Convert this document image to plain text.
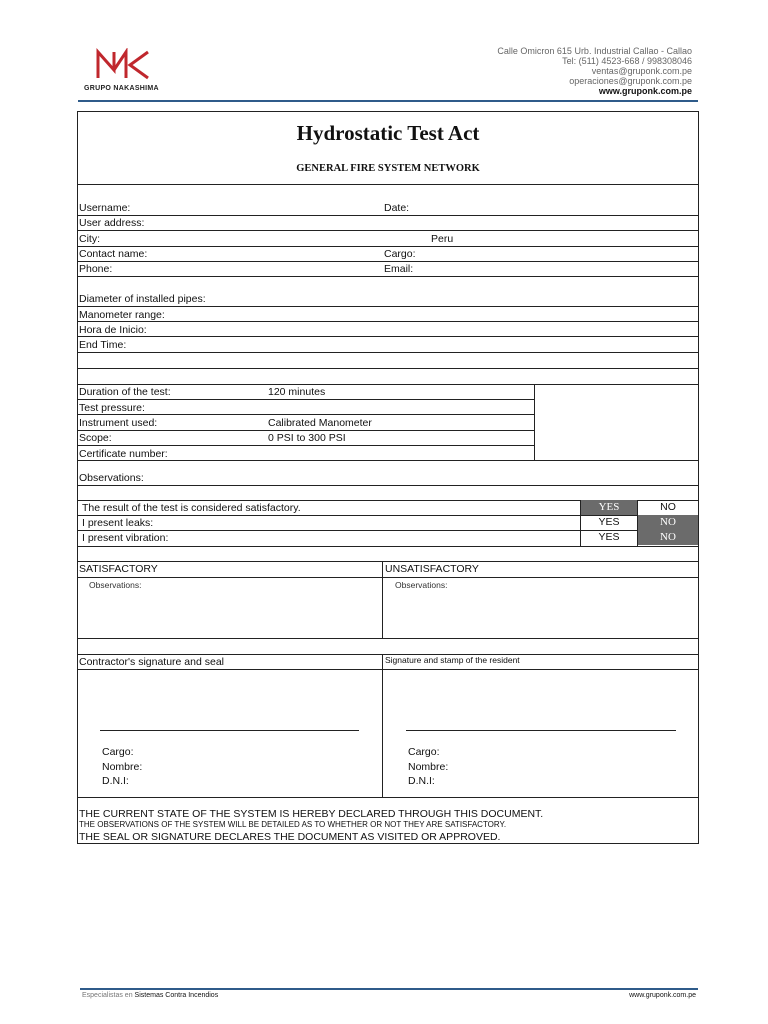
GRUPO NAKASHIMA
Calle Omicron 615 Urb. Industrial Callao - Callao
Tel: (511) 4523-668 / 998308046
ventas@gruponk.com.pe
operaciones@gruponk.com.pe
www.gruponk.com.pe
Hydrostatic Test Act
GENERAL FIRE SYSTEM NETWORK
Username:	Date:
User address:
City:	Peru
Contact name:	Cargo:
Phone:	Email:
Diameter of installed pipes:
Manometer range:
Hora de Inicio:
End Time:
Duration of the test:	120 minutes
Test pressure:
Instrument used:	Calibrated Manometer
Scope:	0 PSI to 300 PSI
Certificate number:
Observations:
The result of the test is considered satisfactory.	YES	NO
I present leaks:	YES	NO
I present vibration:	YES	NO
SATISFACTORY	UNSATISFACTORY
Observations:	Observations:
Contractor's signature and seal	Signature and stamp of the resident
Cargo:
Nombre:
D.N.I:
Cargo:
Nombre:
D.N.I:
THE CURRENT STATE OF THE SYSTEM IS HEREBY DECLARED THROUGH THIS DOCUMENT.
THE OBSERVATIONS OF THE SYSTEM WILL BE DETAILED AS TO WHETHER OR NOT THEY ARE SATISFACTORY.
THE SEAL OR SIGNATURE DECLARES THE DOCUMENT AS VISITED OR APPROVED.
Especialistas en Sistemas Contra Incendios	www.gruponk.com.pe
